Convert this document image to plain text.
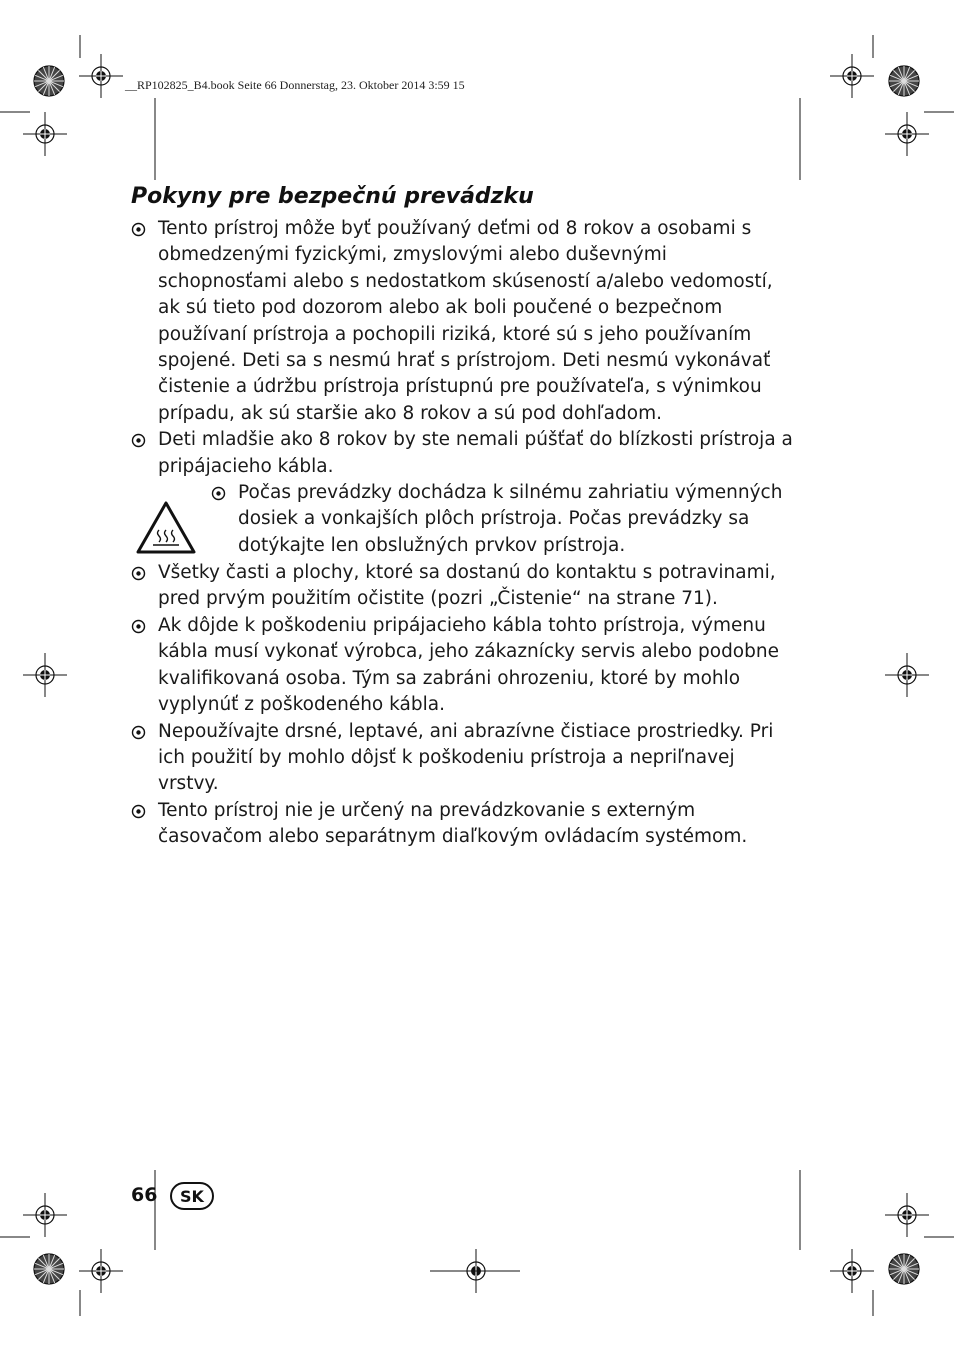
__RP102825_B4.book Seite 66 Donnerstag, 23. Oktober 2014 3:59 15
Pokyny pre bezpečnú prevádzku
Tento prístroj môže byť používaný deťmi od 8 rokov a osobami s obmedzenými fyzickými, zmyslovými alebo duševnými schopnosťami alebo s nedostatkom skúseností a/alebo vedomostí, ak sú tieto pod dozorom alebo ak boli poučené o bezpečnom používaní prístroja a pochopili riziká, ktoré sú s jeho používaním spojené. Deti sa s nesmú hrať s prístrojom. Deti nesmú vykonávať čistenie a údržbu prístroja prístupnú pre používateľa, s výnimkou prípadu, ak sú staršie ako 8 rokov a sú pod dohľadom.
Deti mladšie ako 8 rokov by ste nemali púšťať do blízkosti prístroja a pripájacieho kábla.
Počas prevádzky dochádza k silnému zahriatiu výmenných dosiek a vonkajších plôch prístroja. Počas prevádzky sa dotýkajte len obslužných prvkov prístroja.
Všetky časti a plochy, ktoré sa dostanú do kontaktu s potravinami, pred prvým použitím očistite (pozri „Čistenie“ na strane 71).
Ak dôjde k poškodeniu pripájacieho kábla tohto prístroja, výmenu kábla musí vykonať výrobca, jeho zákaznícky servis alebo podobne kvalifikovaná osoba. Tým sa zabráni ohrozeniu, ktoré by mohlo vyplynúť z poškodeného kábla.
Nepoužívajte drsné, leptavé, ani abrazívne čistiace prostriedky. Pri ich použití by mohlo dôjsť k poškodeniu prístroja a nepriľnavej vrstvy.
Tento prístroj nie je určený na prevádzkovanie s externým časovačom alebo separátnym diaľkovým ovládacím systémom.
66	SK
